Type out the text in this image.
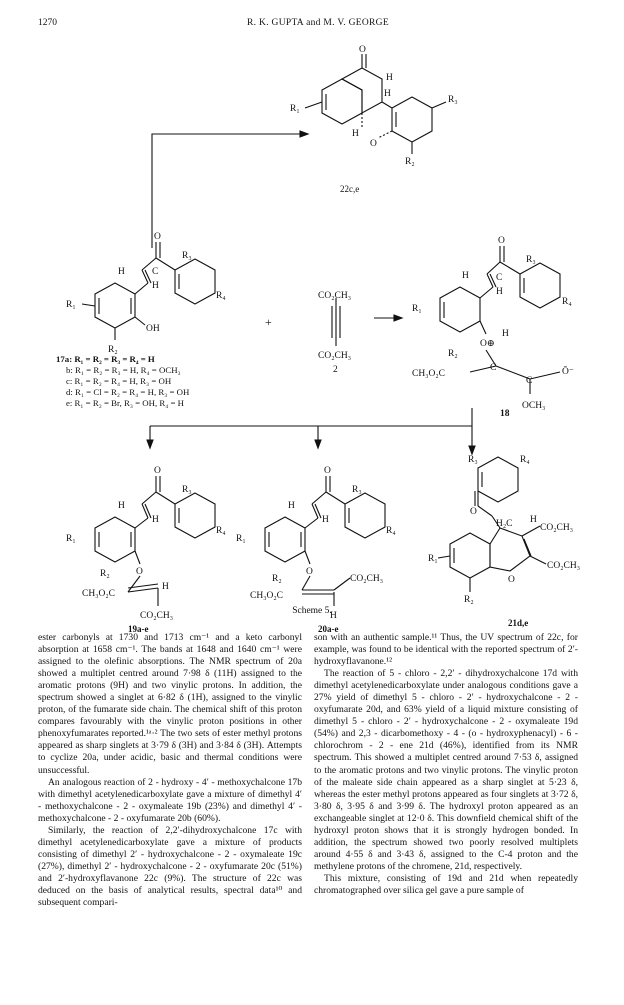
1270	R. K. GUPTA and M. V. GEORGE
O
H
H
R₁
H
O
R₃
R₂
22c,e
O
R₃
H	C
H
R₄
R₁
OH
R₂
17a: R₁ = R₂ = R₃ = R₄ = H
b: R₁ = R₂ = R₃ = H, R₄ = OCH₃
c: R₁ = R₂ = R₄ = H, R₃ = OH
d: R₁ = Cl = R₂ = R₄ = H, R₃ = OH
e: R₁ = R₂ = Br, R₃ = OH, R₄ = H
+
CO₂CH₃
CO₂CH₃
2
O
R₃
H	C
H
R₄
R₁
O⊕
H
R₂
C
CH₃O₂C
C
Ō⁻
OCH₃
18
O
R₃
H
H
R₄
R₁
O
R₂
H
CH₃O₂C
CO₂CH₃
19a-e
O
R₃
H
H
R₄
R₁
O
R₂	CO₂CH₃
CH₃O₂C
H
20a-e
R₃	R₄
O
H₂C H
CO₂CH₃
R₁
O
CO₂CH₃
R₂
21d,e
Scheme 5.

ester carbonyls at 1730 and 1713 cm⁻¹ and a keto carbonyl absorption at 1658 cm⁻¹. The bands at 1648 and 1640 cm⁻¹ were assigned to the olefinic absorptions. The NMR spectrum of 20a showed a multiplet centred around 7·98 δ (11H) assigned to the aromatic protons (9H) and two vinylic protons. In addition, the spectrum showed a singlet at 6·82 δ (1H), assigned to the vinylic proton, of the fumarate side chain. The chemical shift of this proton compares favourably with the vinylic proton positions in other phenoxyfumarates reported.¹ᵃ·² The two sets of ester methyl protons appeared as sharp singlets at 3·79 δ (3H) and 3·84 δ (3H). Attempts to cyclize 20a, under acidic, basic and thermal conditions were unsuccessful.

An analogous reaction of 2 - hydroxy - 4′ - methoxychalcone 17b with dimethyl acetylenedicarboxylate gave a mixture of dimethyl 4′ - methoxychalcone - 2 - oxymaleate 19b (23%) and dimethyl 4′ - methoxychalcone - 2 - oxyfumarate 20b (60%).

Similarly, the reaction of 2,2′-dihydroxychalcone 17c with dimethyl acetylenedicarboxylate gave a mixture of products consisting of dimethyl 2′ - hydroxychalcone - 2 - oxymaleate 19c (27%), dimethyl 2′ - hydroxychalcone - 2 - oxyfumarate 20c (51%) and 2′-hydroxyflavanone 22c (9%). The structure of 22c was deduced on the basis of analytical results, spectral data¹⁰ and subsequent compari-

son with an authentic sample.¹¹ Thus, the UV spectrum of 22c, for example, was found to be identical with the reported spectrum of 2′-hydroxyflavanone.¹²

The reaction of 5 - chloro - 2,2′ - dihydroxychalcone 17d with dimethyl acetylenedicarboxylate under analogous conditions gave a 27% yield of dimethyl 5 - chloro - 2′ - hydroxychalcone - 2 - oxyfumarate 20d, and 63% yield of a liquid mixture consisting of dimethyl 5 - chloro - 2′ - hydroxychalcone - 2 - oxymaleate 19d (54%) and 2,3 - dicarbomethoxy - 4 - (o - hydroxyphenacyl) - 6 - chlorochrom - 2 - ene 21d (46%), identified from its NMR spectrum. This showed a multiplet centred around 7·53 δ, assigned to the aromatic protons and two vinylic protons. The vinylic proton of the maleate side chain appeared as a sharp singlet at 5·23 δ, whereas the ester methyl protons appeared as four singlets at 3·72 δ, 3·80 δ, 3·95 δ and 3·99 δ. The hydroxyl proton appeared as an exchangeable singlet at 12·0 δ. This downfield chemical shift of the hydroxyl proton shows that it is strongly hydrogen bonded. In addition, the spectrum showed two poorly resolved multiplets around 4·55 δ and 3·43 δ, assigned to the C-4 proton and the methylene protons of the chromene, 21d, respectively.

This mixture, consisting of 19d and 21d when repeatedly chromatographed over silica gel gave a pure sample of
